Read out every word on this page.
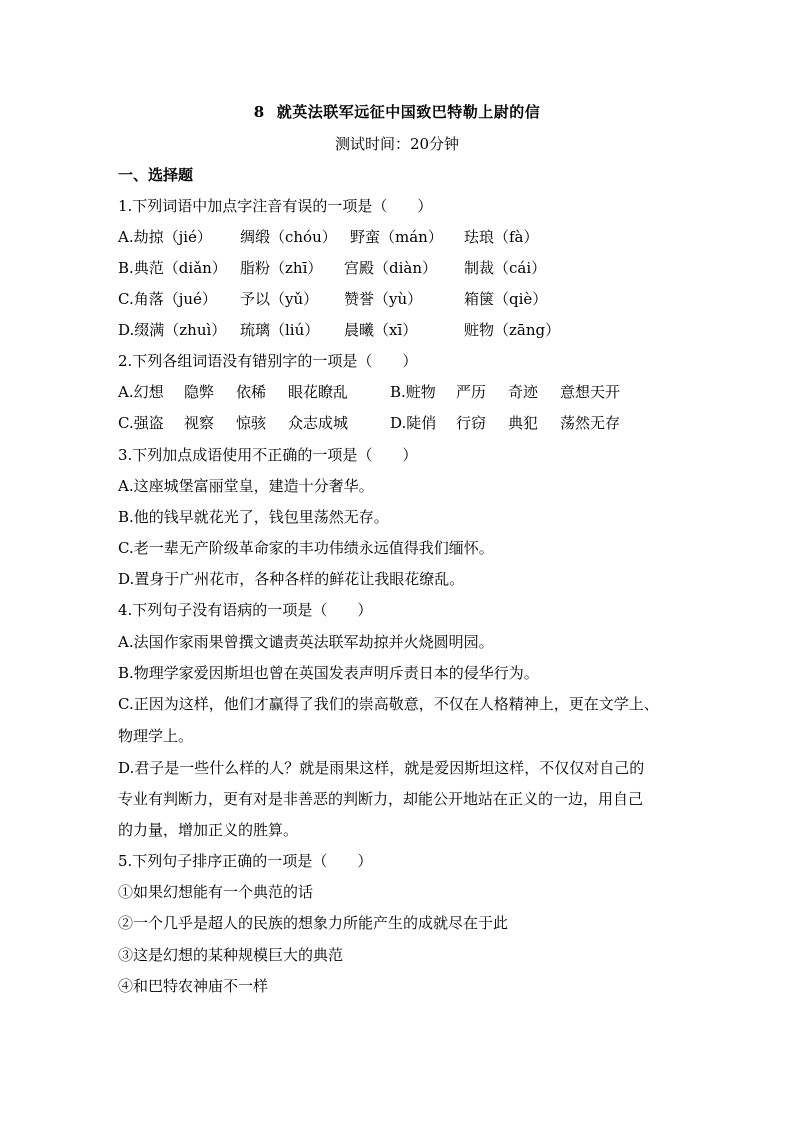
8 就英法联军远征中国致巴特勒上尉的信
测试时间：20分钟
一、选择题
1.下列词语中加点字注音有误的一项是（　　）
A.劫掠（jié） 绸缎（chóu） 野蛮（mán） 珐琅（fà）
B.典范（diǎn） 脂粉（zhī） 宫殿（diàn） 制裁（cái）
C.角落（jué） 予以（yǔ） 赞誉（yù）	箱箧（qiè）
D.缀满（zhuì） 琉璃（liú） 晨曦（xī）	赃物（zāng）
2.下列各组词语没有错别字的一项是（　　）
A.幻想 隐弊 依稀 眼花瞭乱	B.赃物 严历 奇迹 意想天开
C.强盗 视察 惊骇 众志成城	D.陡俏 行窃 典犯 荡然无存
3.下列加点成语使用不正确的一项是（　　）
A.这座城堡富丽堂皇，建造十分奢华。
B.他的钱早就花光了，钱包里荡然无存。
C.老一辈无产阶级革命家的丰功伟绩永远值得我们缅怀。
D.置身于广州花市，各种各样的鲜花让我眼花缭乱。
4.下列句子没有语病的一项是（　　）
A.法国作家雨果曾撰文谴责英法联军劫掠并火烧圆明园。
B.物理学家爱因斯坦也曾在英国发表声明斥责日本的侵华行为。
C.正因为这样，他们才赢得了我们的崇高敬意，不仅在人格精神上，更在文学上、
物理学上。
D.君子是一些什么样的人？就是雨果这样，就是爱因斯坦这样，不仅仅对自己的
专业有判断力，更有对是非善恶的判断力，却能公开地站在正义的一边，用自己
的力量，增加正义的胜算。
5.下列句子排序正确的一项是（　　）
①如果幻想能有一个典范的话
②一个几乎是超人的民族的想象力所能产生的成就尽在于此
③这是幻想的某种规模巨大的典范
④和巴特农神庙不一样
